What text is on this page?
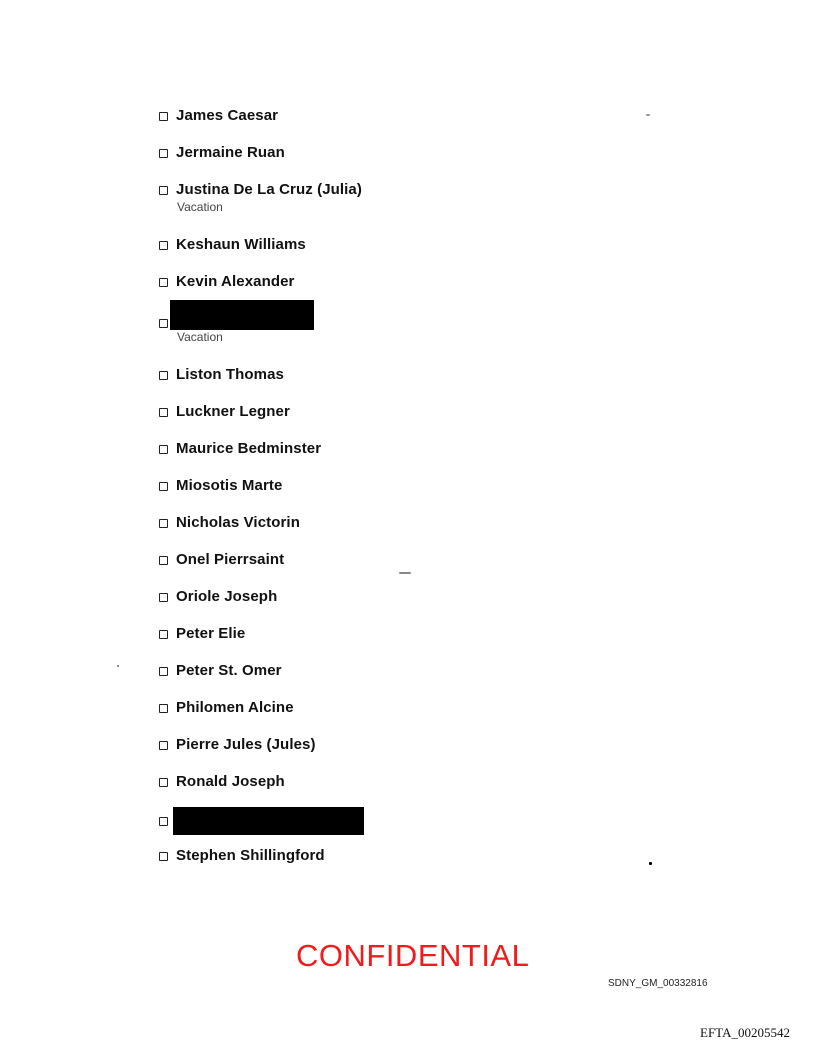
James Caesar
Jermaine Ruan
Justina De La Cruz (Julia)
Vacation
Keshaun Williams
Kevin Alexander
Vacation
Liston Thomas
Luckner Legner
Maurice Bedminster
Miosotis Marte
Nicholas Victorin
Onel Pierrsaint
Oriole Joseph
Peter Elie
Peter St. Omer
Philomen Alcine
Pierre Jules (Jules)
Ronald Joseph
Stephen Shillingford
CONFIDENTIAL
SDNY_GM_00332816
EFTA_00205542
